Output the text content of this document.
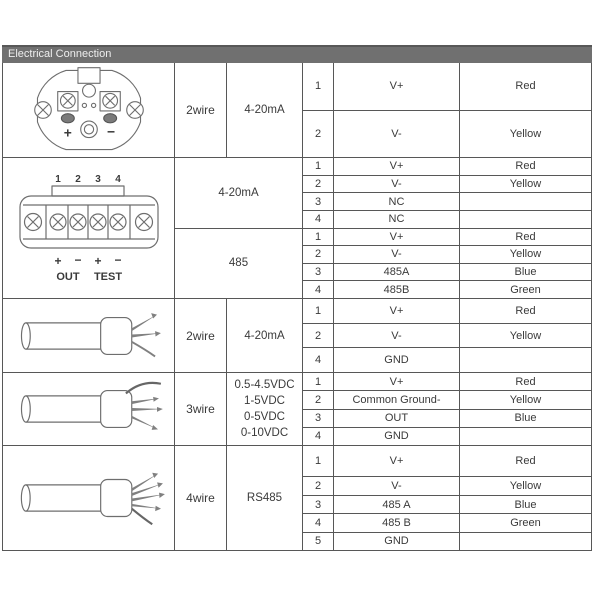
Electrical Connection
+ −
2wire	4-20mA
1	V+	Red
2	V-	Yellow
1 2 3 4
+ − + −
OUT TEST
4-20mA
1	V+	Red
2	V-	Yellow
3	NC
4	NC
485
1	V+	Red
2	V-	Yellow
3	485A	Blue
4	485B	Green
2wire	4-20mA
1	V+	Red
2	V-	Yellow
4	GND
3wire
0.5-4.5VDC
1-5VDC
0-5VDC
0-10VDC
1	V+	Red
2	Common Ground-	Yellow
3	OUT	Blue
4	GND
4wire	RS485
1	V+	Red
2	V-	Yellow
3	485 A	Blue
4	485 B	Green
5	GND
